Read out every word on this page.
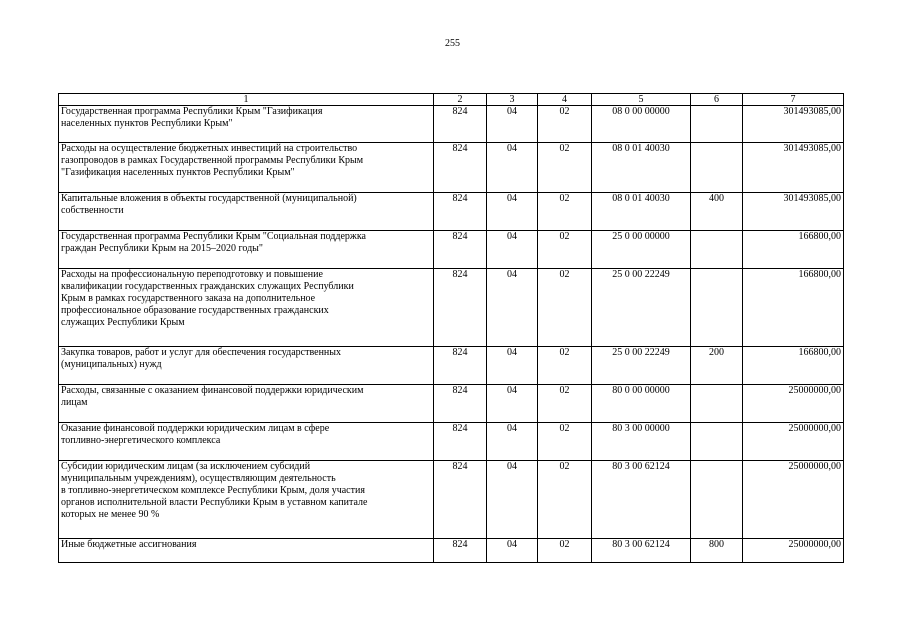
255
1	2	3	4	5	6	7
Государственная программа Республики Крым "Газификация
населенных пунктов Республики Крым"	824	04	02	08 0 00 00000		301493085,00
Расходы на осуществление бюджетных инвестиций на строительство
газопроводов в рамках Государственной программы Республики Крым
"Газификация населенных пунктов Республики Крым"	824	04	02	08 0 01 40030		301493085,00
Капитальные вложения в объекты государственной (муниципальной)
собственности	824	04	02	08 0 01 40030	400	301493085,00
Государственная программа Республики Крым "Социальная поддержка
граждан Республики Крым на 2015–2020 годы"	824	04	02	25 0 00 00000		166800,00
Расходы на профессиональную переподготовку и повышение
квалификации государственных гражданских служащих Республики
Крым в рамках государственного заказа на дополнительное
профессиональное образование государственных гражданских
служащих Республики Крым	824	04	02	25 0 00 22249		166800,00
Закупка товаров, работ и услуг для обеспечения государственных
(муниципальных) нужд	824	04	02	25 0 00 22249	200	166800,00
Расходы, связанные с оказанием финансовой поддержки юридическим
лицам	824	04	02	80 0 00 00000		25000000,00
Оказание финансовой поддержки юридическим лицам в сфере
топливно-энергетического комплекса	824	04	02	80 3 00 00000		25000000,00
Субсидии юридическим лицам (за исключением субсидий
муниципальным учреждениям), осуществляющим деятельность
в топливно-энергетическом комплексе Республики Крым, доля участия
органов исполнительной власти Республики Крым в уставном капитале
которых не менее 90 %	824	04	02	80 3 00 62124		25000000,00
Иные бюджетные ассигнования	824	04	02	80 3 00 62124	800	25000000,00
